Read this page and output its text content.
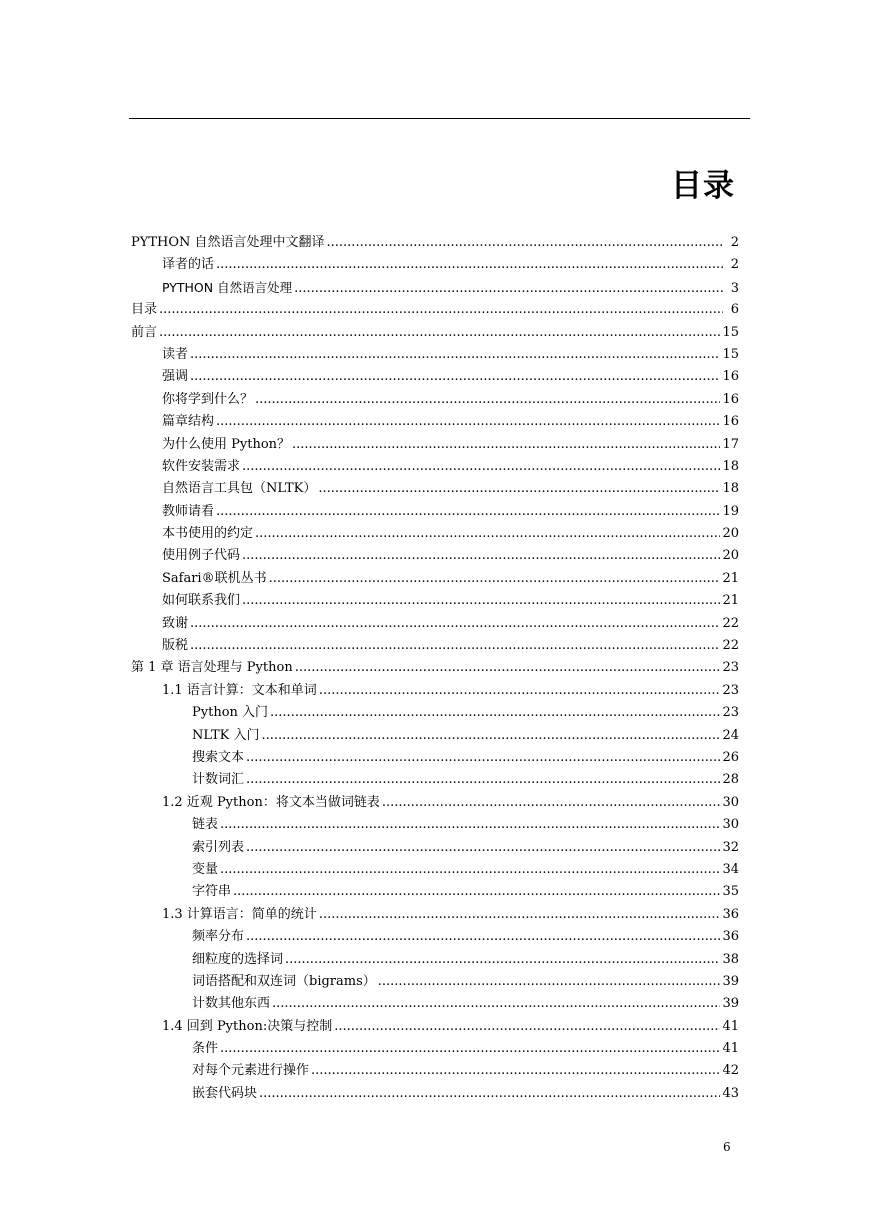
目录
PYTHON 自然语言处理中文翻译 .....	2
译者的话 .....	2
PYTHON 自然语言处理 .....	3
目录 .....	6
前言 .....	15
读者 .....	15
强调 .....	16
你将学到什么？ .....	16
篇章结构 .....	16
为什么使用 Python？ .....	17
软件安装需求 .....	18
自然语言工具包（NLTK） .....	18
教师请看 .....	19
本书使用的约定 .....	20
使用例子代码 .....	20
Safari®联机丛书 .....	21
如何联系我们 .....	21
致谢 .....	22
版税 .....	22
第 1 章 语言处理与 Python .....	23
1.1 语言计算：文本和单词 .....	23
Python 入门 .....	23
NLTK 入门 .....	24
搜索文本 .....	26
计数词汇 .....	28
1.2 近观 Python：将文本当做词链表 .....	30
链表 .....	30
索引列表 .....	32
变量 .....	34
字符串 .....	35
1.3 计算语言：简单的统计 .....	36
频率分布 .....	36
细粒度的选择词 .....	38
词语搭配和双连词（bigrams） .....	39
计数其他东西 .....	39
1.4 回到 Python:决策与控制 .....	41
条件 .....	41
对每个元素进行操作 .....	42
嵌套代码块 .....	43
6
